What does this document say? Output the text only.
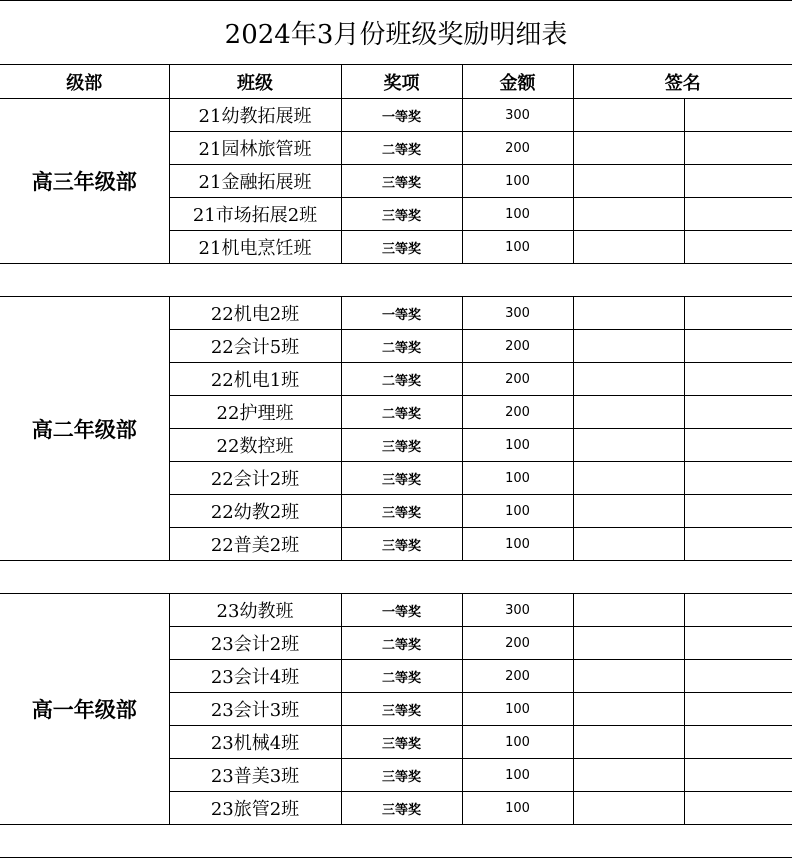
2024年3月份班级奖励明细表					
级部	班级	奖项	金额	签名	
高三年级部	21幼教拓展班	一等奖	300		
	21园林旅管班	二等奖	200		
	21金融拓展班	三等奖	100		
	21市场拓展2班	三等奖	100		
	21机电烹饪班	三等奖	100		

高二年级部	22机电2班	一等奖	300		
	22会计5班	二等奖	200		
	22机电1班	二等奖	200		
	22护理班	二等奖	200		
	22数控班	三等奖	100		
	22会计2班	三等奖	100		
	22幼教2班	三等奖	100		
	22普美2班	三等奖	100		

高一年级部	23幼教班	一等奖	300		
	23会计2班	二等奖	200		
	23会计4班	二等奖	200		
	23会计3班	三等奖	100		
	23机械4班	三等奖	100		
	23普美3班	三等奖	100		
	23旅管2班	三等奖	100		
